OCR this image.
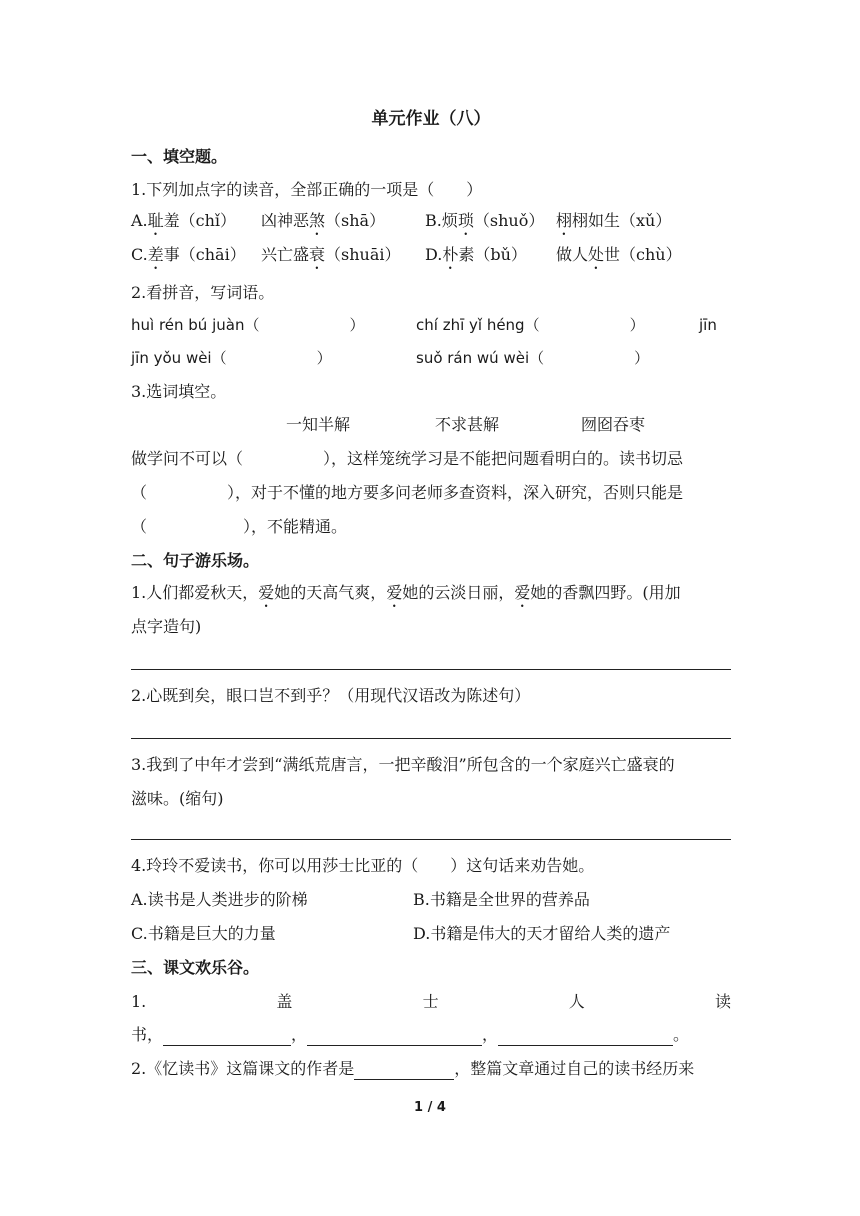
单元作业（八）
一、填空题。
1.下列加点字的读音，全部正确的一项是（　　）
A.耻羞（chǐ） 凶神恶煞（shā） B.烦琐（shuǒ） 栩栩如生（xǔ）
C.差事（chāi） 兴亡盛衰（shuāi） D.朴素（bǔ） 做人处世（chù）
2.看拼音，写词语。
huì rén bú juàn（　　　　　　）	chí zhī yǐ héng（　　　　　　）	jīn
jīn yǒu wèi（　　　　　　）	suǒ rán wú wèi（　　　　　　）
3.选词填空。
一知半解	不求甚解	囫囵吞枣
做学问不可以（　　　　　），这样笼统学习是不能把问题看明白的。读书切忌
（　　　　　），对于不懂的地方要多问老师多查资料，深入研究，否则只能是
（　　　　　　），不能精通。
二、句子游乐场。
1.人们都爱秋天，爱她的天高气爽，爱她的云淡日丽，爱她的香飘四野。(用加
点字造句)
2.心既到矣，眼口岂不到乎？（用现代汉语改为陈述句）
3.我到了中年才尝到“满纸荒唐言，一把辛酸泪”所包含的一个家庭兴亡盛衰的
滋味。(缩句)
4.玲玲不爱读书，你可以用莎士比亚的（　　）这句话来劝告她。
A.读书是人类进步的阶梯	B.书籍是全世界的营养品
C.书籍是巨大的力量	D.书籍是伟大的天才留给人类的遗产
三、课文欢乐谷。
1.	盖	士	人	读
书，	，	，	。
2.《忆读书》这篇课文的作者是	，整篇文章通过自己的读书经历来
1 / 4
